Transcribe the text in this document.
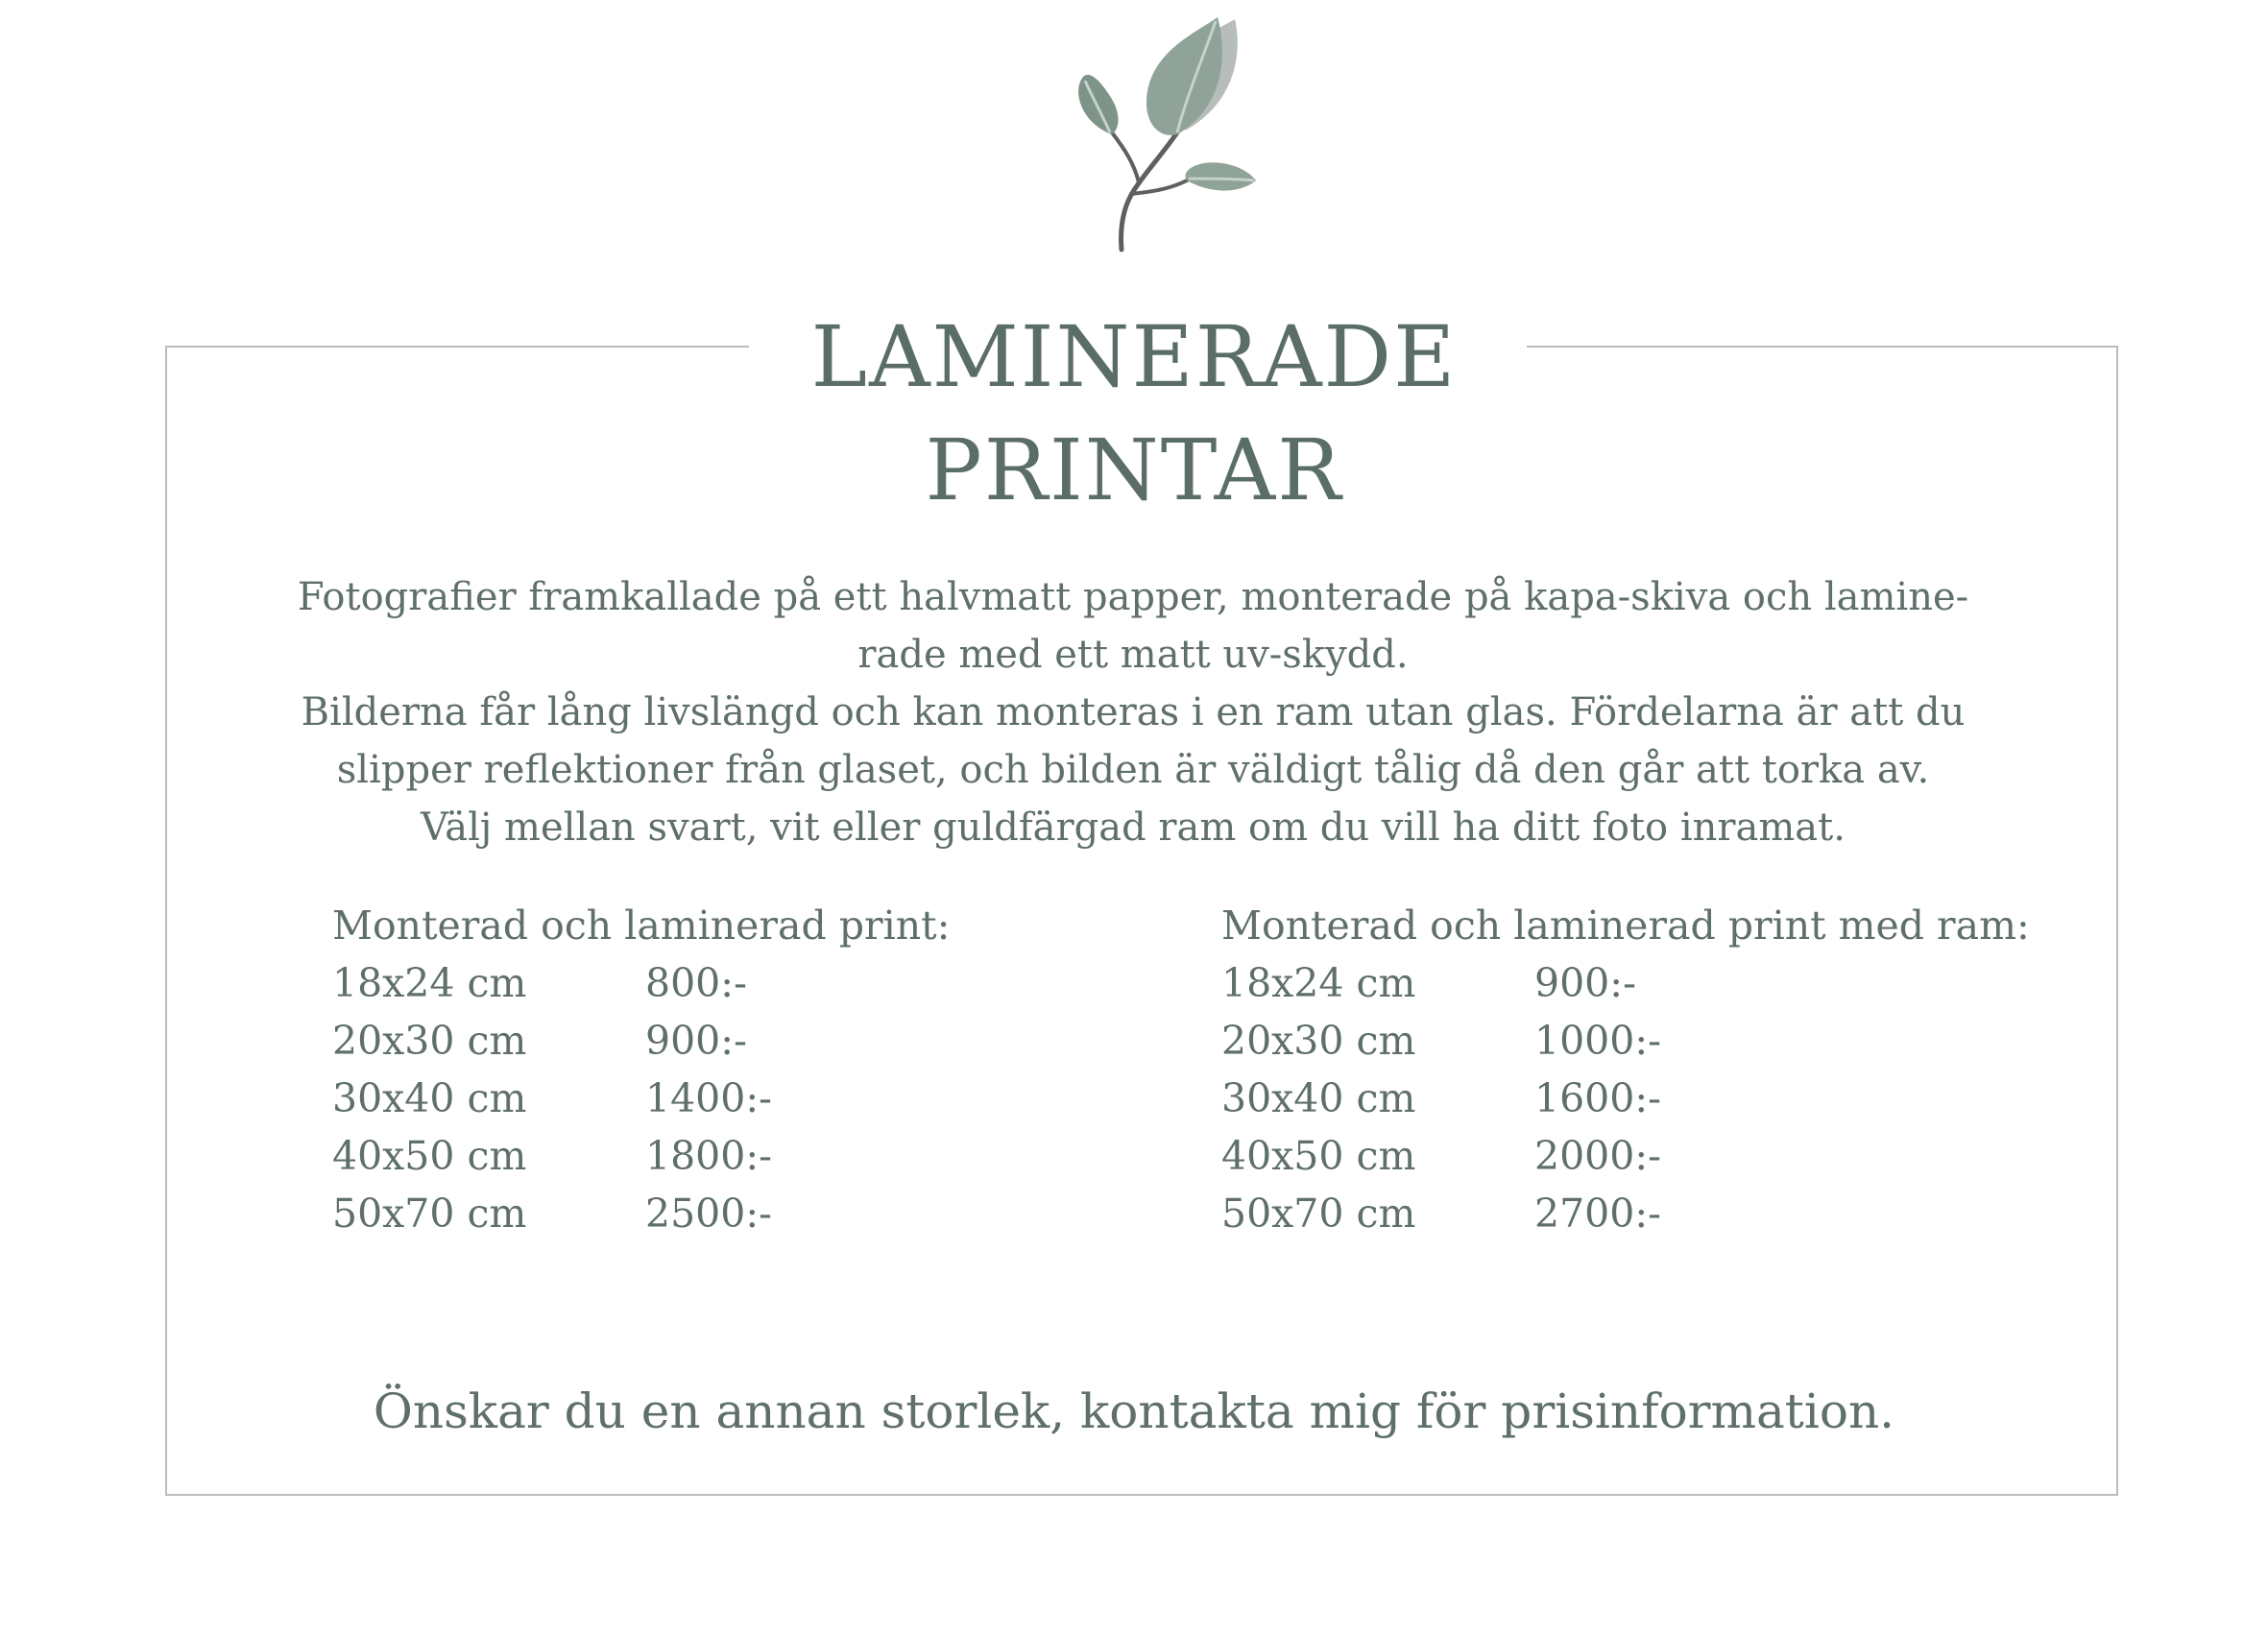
LAMINERADE
PRINTAR

Fotografier framkallade på ett halvmatt papper, monterade på kapa-skiva och lamine-

rade med ett matt uv-skydd.

Bilderna får lång livslängd och kan monteras i en ram utan glas. Fördelarna är att du

slipper reflektioner från glaset, och bilden är väldigt tålig då den går att torka av.

Välj mellan svart, vit eller guldfärgad ram om du vill ha ditt foto inramat.

Monterad och laminerad print:
18x24 cm	800:-
20x30 cm	900:-
30x40 cm	1400:-
40x50 cm	1800:-
50x70 cm	2500:-
Monterad och laminerad print med ram:
18x24 cm	900:-
20x30 cm	1000:-
30x40 cm	1600:-
40x50 cm	2000:-
50x70 cm	2700:-
Önskar du en annan storlek, kontakta mig för prisinformation.
